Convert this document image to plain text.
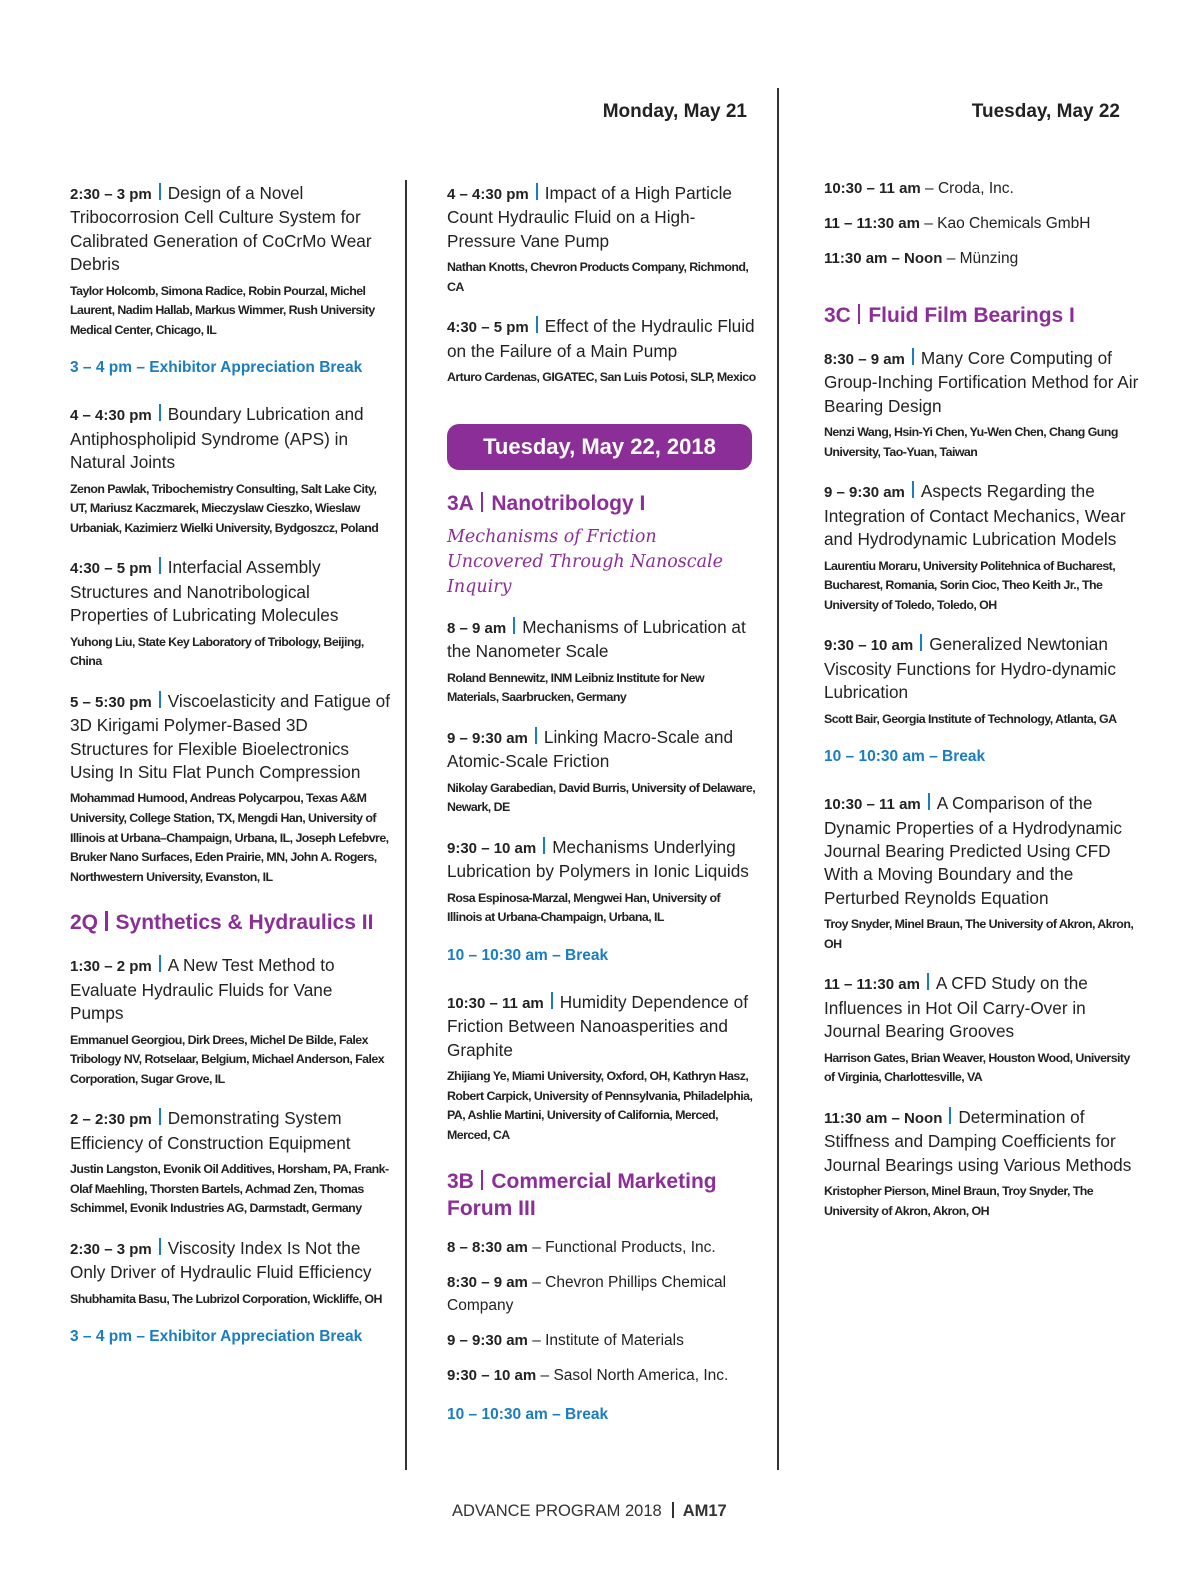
Monday, May 21	Tuesday, May 22
2:30 – 3 pm Design of a Novel Tribocorrosion Cell Culture System for Calibrated Generation of CoCrMo Wear Debris
Taylor Holcomb, Simona Radice, Robin Pourzal, Michel Laurent, Nadim Hallab, Markus Wimmer, Rush University Medical Center, Chicago, IL
3 – 4 pm – Exhibitor Appreciation Break
4 – 4:30 pm Boundary Lubrication and Antiphospholipid Syndrome (APS) in Natural Joints
Zenon Pawlak, Tribochemistry Consulting, Salt Lake City, UT, Mariusz Kaczmarek, Mieczyslaw Cieszko, Wieslaw Urbaniak, Kazimierz Wielki University, Bydgoszcz, Poland
4:30 – 5 pm Interfacial Assembly Structures and Nanotribological Properties of Lubricating Molecules
Yuhong Liu, State Key Laboratory of Tribology, Beijing, China
5 – 5:30 pm Viscoelasticity and Fatigue of 3D Kirigami Polymer-Based 3D Structures for Flexible Bioelectronics Using In Situ Flat Punch Compression
Mohammad Humood, Andreas Polycarpou, Texas A&M University, College Station, TX, Mengdi Han, University of Illinois at Urbana–Champaign, Urbana, IL, Joseph Lefebvre, Bruker Nano Surfaces, Eden Prairie, MN, John A. Rogers, Northwestern University, Evanston, IL
2Q Synthetics & Hydraulics II
1:30 – 2 pm A New Test Method to Evaluate Hydraulic Fluids for Vane Pumps
Emmanuel Georgiou, Dirk Drees, Michel De Bilde, Falex Tribology NV, Rotselaar, Belgium, Michael Anderson, Falex Corporation, Sugar Grove, IL
2 – 2:30 pm Demonstrating System Efficiency of Construction Equipment
Justin Langston, Evonik Oil Additives, Horsham, PA, Frank-Olaf Maehling, Thorsten Bartels, Achmad Zen, Thomas Schimmel, Evonik Industries AG, Darmstadt, Germany
2:30 – 3 pm Viscosity Index Is Not the Only Driver of Hydraulic Fluid Efficiency
Shubhamita Basu, The Lubrizol Corporation, Wickliffe, OH
3 – 4 pm – Exhibitor Appreciation Break
4 – 4:30 pm Impact of a High Particle Count Hydraulic Fluid on a High-Pressure Vane Pump
Nathan Knotts, Chevron Products Company, Richmond, CA
4:30 – 5 pm Effect of the Hydraulic Fluid on the Failure of a Main Pump
Arturo Cardenas, GIGATEC, San Luis Potosi, SLP, Mexico
Tuesday, May 22, 2018
3A Nanotribology I
Mechanisms of Friction Uncovered Through Nanoscale Inquiry
8 – 9 am Mechanisms of Lubrication at the Nanometer Scale
Roland Bennewitz, INM Leibniz Institute for New Materials, Saarbrucken, Germany
9 – 9:30 am Linking Macro-Scale and Atomic-Scale Friction
Nikolay Garabedian, David Burris, University of Delaware, Newark, DE
9:30 – 10 am Mechanisms Underlying Lubrication by Polymers in Ionic Liquids
Rosa Espinosa-Marzal, Mengwei Han, University of Illinois at Urbana-Champaign, Urbana, IL
10 – 10:30 am – Break
10:30 – 11 am Humidity Dependence of Friction Between Nanoasperities and Graphite
Zhijiang Ye, Miami University, Oxford, OH, Kathryn Hasz, Robert Carpick, University of Pennsylvania, Philadelphia, PA, Ashlie Martini, University of California, Merced, Merced, CA
3B Commercial Marketing Forum III
8 – 8:30 am – Functional Products, Inc.
8:30 – 9 am – Chevron Phillips Chemical Company
9 – 9:30 am – Institute of Materials
9:30 – 10 am – Sasol North America, Inc.
10 – 10:30 am – Break
10:30 – 11 am – Croda, Inc.
11 – 11:30 am – Kao Chemicals GmbH
11:30 am – Noon – Münzing
3C Fluid Film Bearings I
8:30 – 9 am Many Core Computing of Group-Inching Fortification Method for Air Bearing Design
Nenzi Wang, Hsin-Yi Chen, Yu-Wen Chen, Chang Gung University, Tao-Yuan, Taiwan
9 – 9:30 am Aspects Regarding the Integration of Contact Mechanics, Wear and Hydrodynamic Lubrication Models
Laurentiu Moraru, University Politehnica of Bucharest, Bucharest, Romania, Sorin Cioc, Theo Keith Jr., The University of Toledo, Toledo, OH
9:30 – 10 am Generalized Newtonian Viscosity Functions for Hydro-dynamic Lubrication
Scott Bair, Georgia Institute of Technology, Atlanta, GA
10 – 10:30 am – Break
10:30 – 11 am A Comparison of the Dynamic Properties of a Hydrodynamic Journal Bearing Predicted Using CFD With a Moving Boundary and the Perturbed Reynolds Equation
Troy Snyder, Minel Braun, The University of Akron, Akron, OH
11 – 11:30 am A CFD Study on the Influences in Hot Oil Carry-Over in Journal Bearing Grooves
Harrison Gates, Brian Weaver, Houston Wood, University of Virginia, Charlottesville, VA
11:30 am – Noon Determination of Stiffness and Damping Coefficients for Journal Bearings using Various Methods
Kristopher Pierson, Minel Braun, Troy Snyder, The University of Akron, Akron, OH
ADVANCE PROGRAM 2018 AM17
